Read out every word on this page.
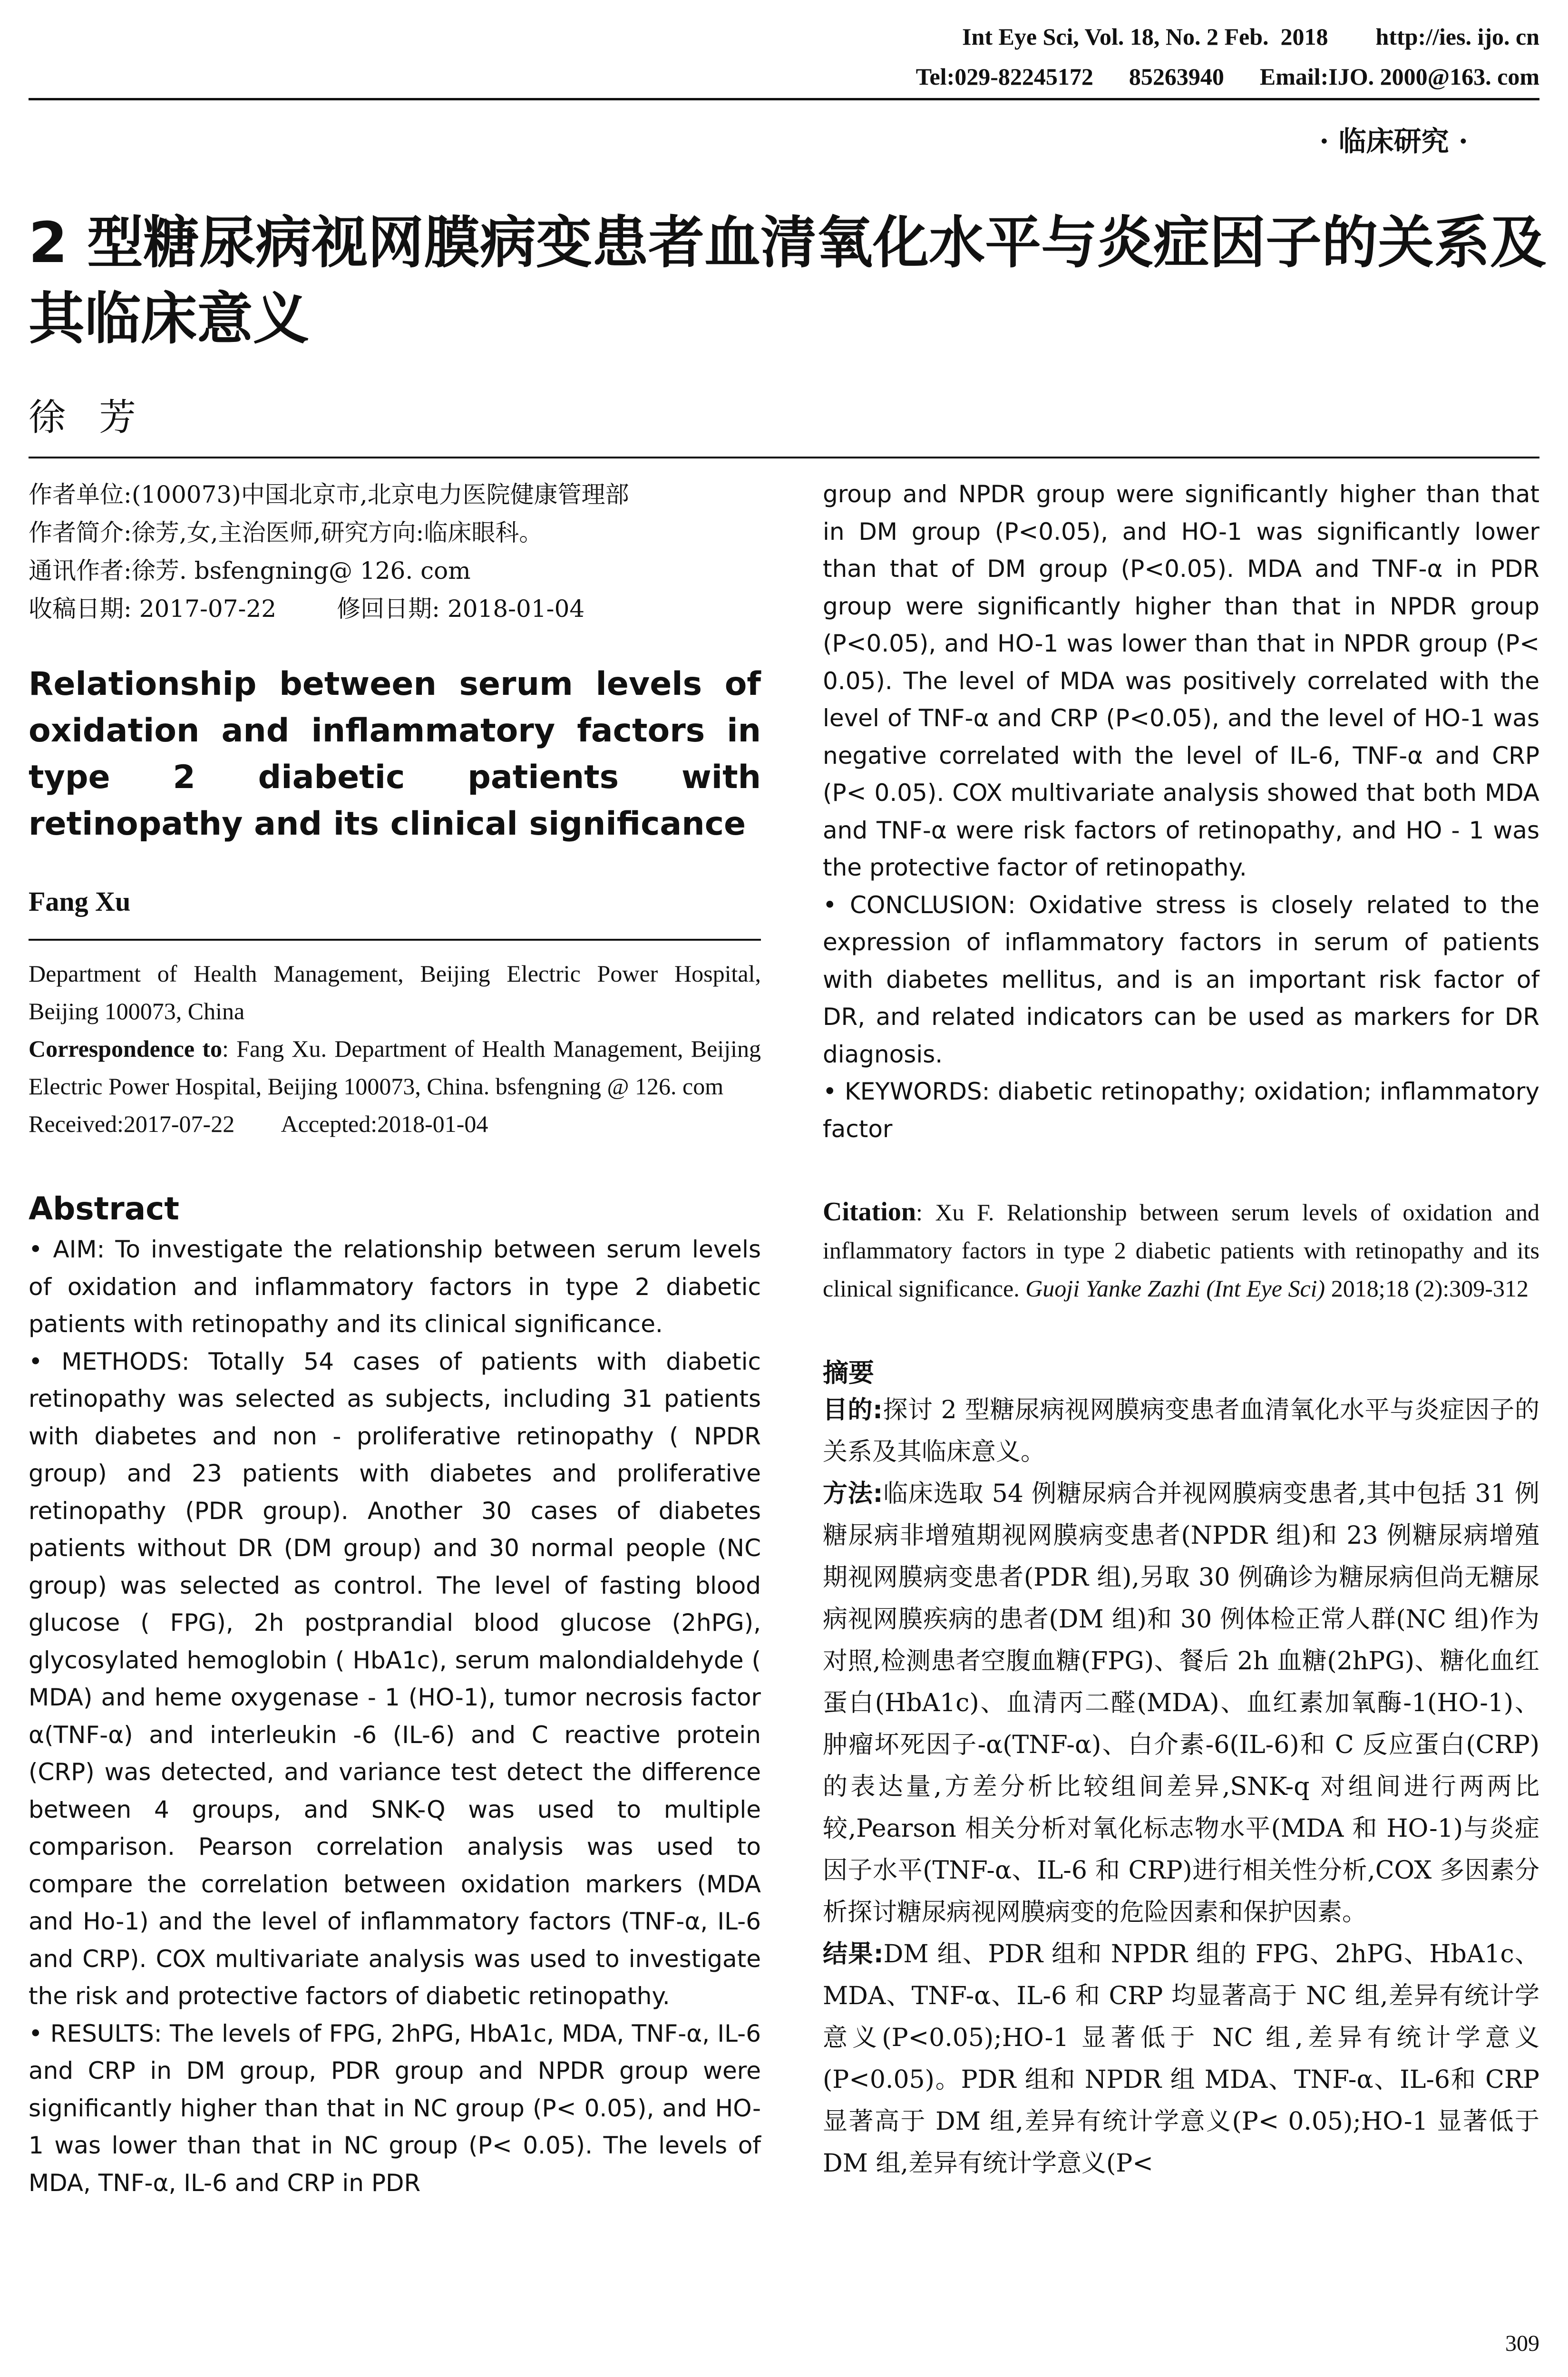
Int Eye Sci, Vol. 18, No. 2 Feb.  2018        http://ies. ijo. cn
Tel:029-82245172      85263940      Email:IJO. 2000@163. com
· 临床研究 ·
2 型糖尿病视网膜病变患者血清氧化水平与炎症因子的关系及其临床意义
徐芳
作者单位:(100073)中国北京市,北京电力医院健康管理部
作者简介:徐芳,女,主治医师,研究方向:临床眼科。
通讯作者:徐芳. bsfengning@ 126. com
收稿日期: 2017-07-22        修回日期: 2018-01-04
Relationship between serum levels of oxidation and inflammatory factors in type 2 diabetic patients with retinopathy and its clinical significance
Fang Xu
Department of Health Management, Beijing Electric Power Hospital, Beijing 100073, China
Correspondence to: Fang Xu. Department of Health Management, Beijing Electric Power Hospital, Beijing 100073, China. bsfengning @ 126. com
Received:2017-07-22        Accepted:2018-01-04
Abstract
• AIM: To investigate the relationship between serum levels of oxidation and inflammatory factors in type 2 diabetic patients with retinopathy and its clinical significance.
• METHODS: Totally 54 cases of patients with diabetic retinopathy was selected as subjects, including 31 patients with diabetes and non - proliferative retinopathy ( NPDR group) and 23 patients with diabetes and proliferative retinopathy (PDR group). Another 30 cases of diabetes patients without DR (DM group) and 30 normal people (NC group) was selected as control. The level of fasting blood glucose ( FPG), 2h postprandial blood glucose (2hPG), glycosylated hemoglobin ( HbA1c), serum malondialdehyde ( MDA) and heme oxygenase - 1 (HO-1), tumor necrosis factor α(TNF-α) and interleukin -6 (IL-6) and C reactive protein (CRP) was detected, and variance test detect the difference between 4 groups, and SNK-Q was used to multiple comparison. Pearson correlation analysis was used to compare the correlation between oxidation markers (MDA and Ho-1) and the level of inflammatory factors (TNF-α, IL-6 and CRP). COX multivariate analysis was used to investigate the risk and protective factors of diabetic retinopathy.
• RESULTS: The levels of FPG, 2hPG, HbA1c, MDA, TNF-α, IL-6 and CRP in DM group, PDR group and NPDR group were significantly higher than that in NC group (P< 0.05), and HO-1 was lower than that in NC group (P< 0.05). The levels of MDA, TNF-α, IL-6 and CRP in PDR
group and NPDR group were significantly higher than that in DM group (P<0.05), and HO-1 was significantly lower than that of DM group (P<0.05). MDA and TNF-α in PDR group were significantly higher than that in NPDR group (P<0.05), and HO-1 was lower than that in NPDR group (P< 0.05). The level of MDA was positively correlated with the level of TNF-α and CRP (P<0.05), and the level of HO-1 was negative correlated with the level of IL-6, TNF-α and CRP (P< 0.05). COX multivariate analysis showed that both MDA and TNF-α were risk factors of retinopathy, and HO - 1 was the protective factor of retinopathy.
• CONCLUSION: Oxidative stress is closely related to the expression of inflammatory factors in serum of patients with diabetes mellitus, and is an important risk factor of DR, and related indicators can be used as markers for DR diagnosis.
• KEYWORDS: diabetic retinopathy; oxidation; inflammatory factor
Citation: Xu F. Relationship between serum levels of oxidation and inflammatory factors in type 2 diabetic patients with retinopathy and its clinical significance. Guoji Yanke Zazhi (Int Eye Sci) 2018;18 (2):309-312
摘要
目的:探讨 2 型糖尿病视网膜病变患者血清氧化水平与炎症因子的关系及其临床意义。
方法:临床选取 54 例糖尿病合并视网膜病变患者,其中包括 31 例糖尿病非增殖期视网膜病变患者(NPDR 组)和 23 例糖尿病增殖期视网膜病变患者(PDR 组),另取 30 例确诊为糖尿病但尚无糖尿病视网膜疾病的患者(DM 组)和 30 例体检正常人群(NC 组)作为对照,检测患者空腹血糖(FPG)、餐后 2h 血糖(2hPG)、糖化血红蛋白(HbA1c)、血清丙二醛(MDA)、血红素加氧酶-1(HO-1)、肿瘤坏死因子-α(TNF-α)、白介素-6(IL-6)和 C 反应蛋白(CRP)的表达量,方差分析比较组间差异,SNK-q 对组间进行两两比较,Pearson 相关分析对氧化标志物水平(MDA 和 HO-1)与炎症因子水平(TNF-α、IL-6 和 CRP)进行相关性分析,COX 多因素分析探讨糖尿病视网膜病变的危险因素和保护因素。
结果:DM 组、PDR 组和 NPDR 组的 FPG、2hPG、HbA1c、MDA、TNF-α、IL-6 和 CRP 均显著高于 NC 组,差异有统计学意义(P<0.05);HO-1 显著低于 NC 组,差异有统计学意义(P<0.05)。PDR 组和 NPDR 组 MDA、TNF-α、IL-6和 CRP 显著高于 DM 组,差异有统计学意义(P< 0.05);HO-1 显著低于 DM 组,差异有统计学意义(P<
309
